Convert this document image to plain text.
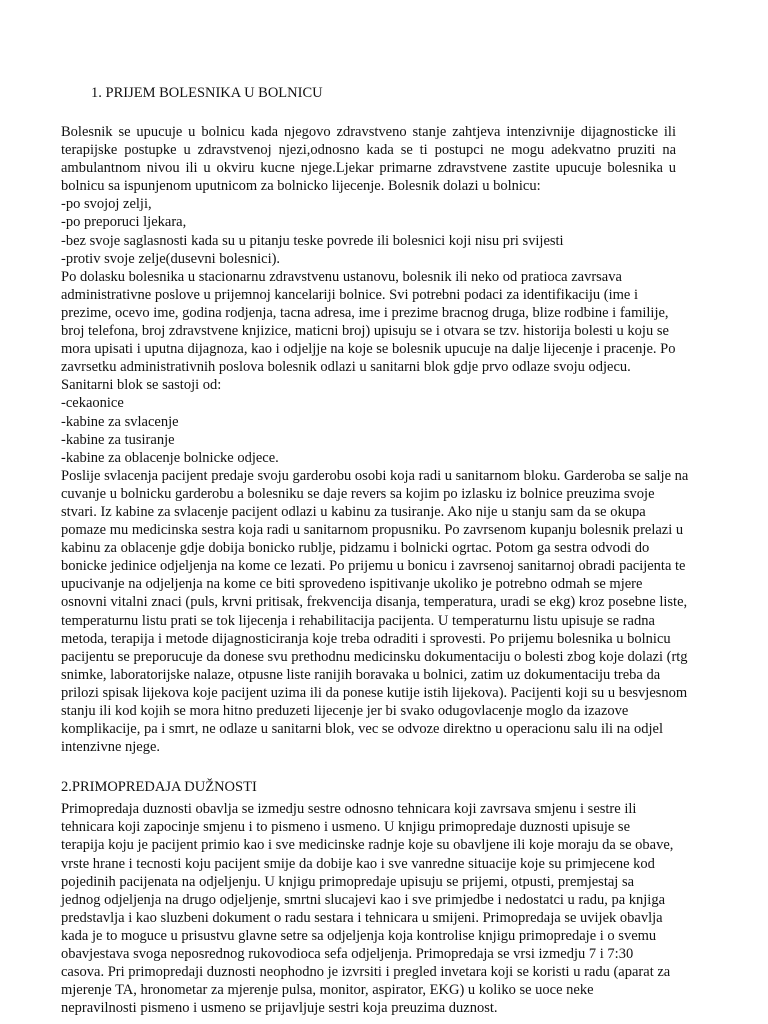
1. PRIJEM BOLESNIKA U BOLNICU

Bolesnik se upucuje u bolnicu kada njegovo zdravstveno stanje zahtjeva intenzivnije dijagnosticke ili terapijske postupke u zdravstvenoj njezi,odnosno kada se ti postupci ne mogu adekvatno pruziti na ambulantnom nivou ili u okviru kucne njege.Ljekar primarne zdravstvene zastite upucuje bolesnika u bolnicu sa ispunjenom uputnicom za bolnicko lijecenje. Bolesnik dolazi u bolnicu:

-po svojoj zelji,
-po preporuci ljekara,
-bez svoje saglasnosti kada su u pitanju teske povrede ili bolesnici koji nisu pri svijesti
-protiv svoje zelje(dusevni bolesnici).
Po dolasku bolesnika u stacionarnu zdravstvenu ustanovu, bolesnik ili neko od pratioca zavrsava
administrativne poslove u prijemnoj kancelariji bolnice. Svi potrebni podaci za identifikaciju (ime i
prezime, ocevo ime, godina rodjenja, tacna adresa, ime i prezime bracnog druga, blize rodbine i familije,
broj telefona, broj zdravstvene knjizice, maticni broj) upisuju se i otvara se tzv. historija bolesti u koju se
mora upisati i uputna dijagnoza, kao i odjeljje na koje se bolesnik upucuje na dalje lijecenje i pracenje. Po
zavrsetku administrativnih poslova bolesnik odlazi u sanitarni blok gdje prvo odlaze svoju odjecu.
Sanitarni blok se sastoji od:
-cekaonice
-kabine za svlacenje
-kabine za tusiranje
-kabine za oblacenje bolnicke odjece.
Poslije svlacenja pacijent predaje svoju garderobu osobi koja radi u sanitarnom bloku. Garderoba se salje na
cuvanje u bolnicku garderobu a bolesniku se daje revers sa kojim po izlasku iz bolnice preuzima svoje
stvari. Iz kabine za svlacenje pacijent odlazi u kabinu za tusiranje. Ako nije u stanju sam da se okupa
pomaze mu medicinska sestra koja radi u sanitarnom propusniku. Po zavrsenom kupanju bolesnik prelazi u
kabinu za oblacenje gdje dobija bonicko rublje, pidzamu i bolnicki ogrtac. Potom ga sestra odvodi do
bonicke jedinice odjeljenja na kome ce lezati. Po prijemu u bonicu i zavrsenoj sanitarnoj obradi pacijenta te
upucivanje na odjeljenja na kome ce biti sprovedeno ispitivanje ukoliko je potrebno odmah se mjere
osnovni vitalni znaci (puls, krvni pritisak, frekvencija disanja, temperatura, uradi se ekg) kroz posebne liste,
temperaturnu listu prati se tok lijecenja i rehabilitacija pacijenta. U temperaturnu listu upisuje se radna
metoda, terapija i metode dijagnosticiranja koje treba odraditi i sprovesti. Po prijemu bolesnika u bolnicu
pacijentu se preporucuje da donese svu prethodnu medicinsku dokumentaciju o bolesti zbog koje dolazi (rtg
snimke, laboratorijske nalaze, otpusne liste ranijih boravaka u bolnici, zatim uz dokumentaciju treba da
prilozi spisak lijekova koje pacijent uzima ili da ponese kutije istih lijekova). Pacijenti koji su u besvjesnom
stanju ili kod kojih se mora hitno preduzeti lijecenje jer bi svako odugovlacenje moglo da izazove
komplikacije, pa i smrt, ne odlaze u sanitarni blok, vec se odvoze direktno u operacionu salu ili na odjel
intenzivne njege.
2.PRIMOPREDAJA DUŽNOSTI
Primopredaja duznosti obavlja se izmedju sestre odnosno tehnicara koji zavrsava smjenu i sestre ili
tehnicara koji zapocinje smjenu i to pismeno i usmeno. U knjigu primopredaje duznosti upisuje se
terapija koju je pacijent primio kao i sve medicinske radnje koje su obavljene ili koje moraju da se obave,
vrste hrane i tecnosti koju pacijent smije da dobije kao i sve vanredne situacije koje su primjecene kod
pojedinih pacijenata na odjeljenju. U knjigu primopredaje upisuju se prijemi, otpusti, premjestaj sa
jednog odjeljenja na drugo odjeljenje, smrtni slucajevi kao i sve primjedbe i nedostatci u radu, pa knjiga
predstavlja i kao sluzbeni dokument o radu sestara i tehnicara u smijeni. Primopredaja se uvijek obavlja
kada je to moguce u prisustvu glavne setre sa odjeljenja koja kontrolise knjigu primopredaje i o svemu
obavjestava svoga neposrednog rukovodioca sefa odjeljenja. Primopredaja se vrsi izmedju 7 i 7:30
casova. Pri primopredaji duznosti neophodno je izvrsiti i pregled invetara koji se koristi u radu (aparat za
mjerenje TA, hronometar za mjerenje pulsa, monitor, aspirator, EKG) u koliko se uoce neke
nepravilnosti pismeno i usmeno se prijavljuje sestri koja preuzima duznost.
